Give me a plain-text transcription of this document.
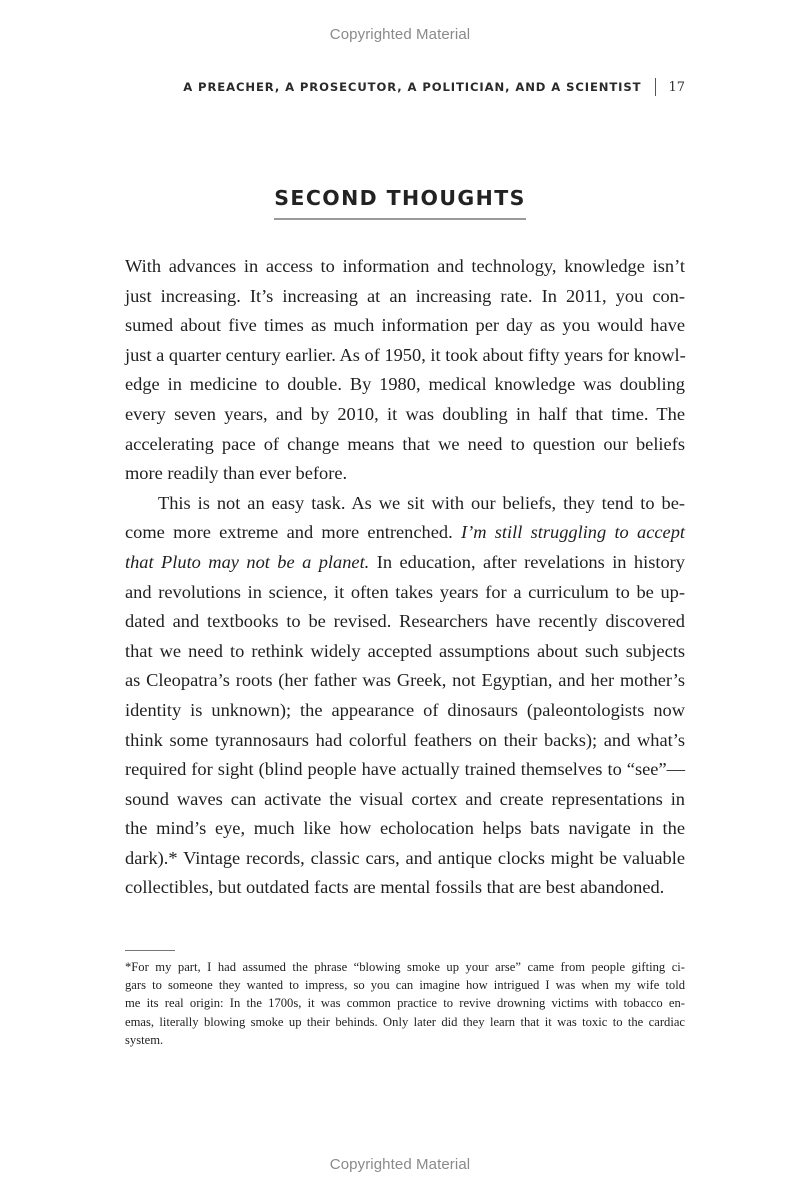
Copyrighted Material
A PREACHER, A PROSECUTOR, A POLITICIAN, AND A SCIENTIST 17
SECOND THOUGHTS
With advances in access to information and technology, knowledge isn’t
just increasing. It’s increasing at an increasing rate. In 2011, you con-
sumed about five times as much information per day as you would have
just a quarter century earlier. As of 1950, it took about fifty years for knowl-
edge in medicine to double. By 1980, medical knowledge was doubling
every seven years, and by 2010, it was doubling in half that time. The
accelerating pace of change means that we need to question our beliefs
more readily than ever before.
This is not an easy task. As we sit with our beliefs, they tend to be-
come more extreme and more entrenched. I’m still struggling to accept
that Pluto may not be a planet. In education, after revelations in history
and revolutions in science, it often takes years for a curriculum to be up-
dated and textbooks to be revised. Researchers have recently discovered
that we need to rethink widely accepted assumptions about such subjects
as Cleopatra’s roots (her father was Greek, not Egyptian, and her mother’s
identity is unknown); the appearance of dinosaurs (paleontologists now
think some tyrannosaurs had colorful feathers on their backs); and what’s
required for sight (blind people have actually trained themselves to “see”—
sound waves can activate the visual cortex and create representations in
the mind’s eye, much like how echolocation helps bats navigate in the
dark).* Vintage records, classic cars, and antique clocks might be valuable
collectibles, but outdated facts are mental fossils that are best abandoned.
*For my part, I had assumed the phrase “blowing smoke up your arse” came from people gifting ci-
gars to someone they wanted to impress, so you can imagine how intrigued I was when my wife told
me its real origin: In the 1700s, it was common practice to revive drowning victims with tobacco en-
emas, literally blowing smoke up their behinds. Only later did they learn that it was toxic to the cardiac
system.
Copyrighted Material
